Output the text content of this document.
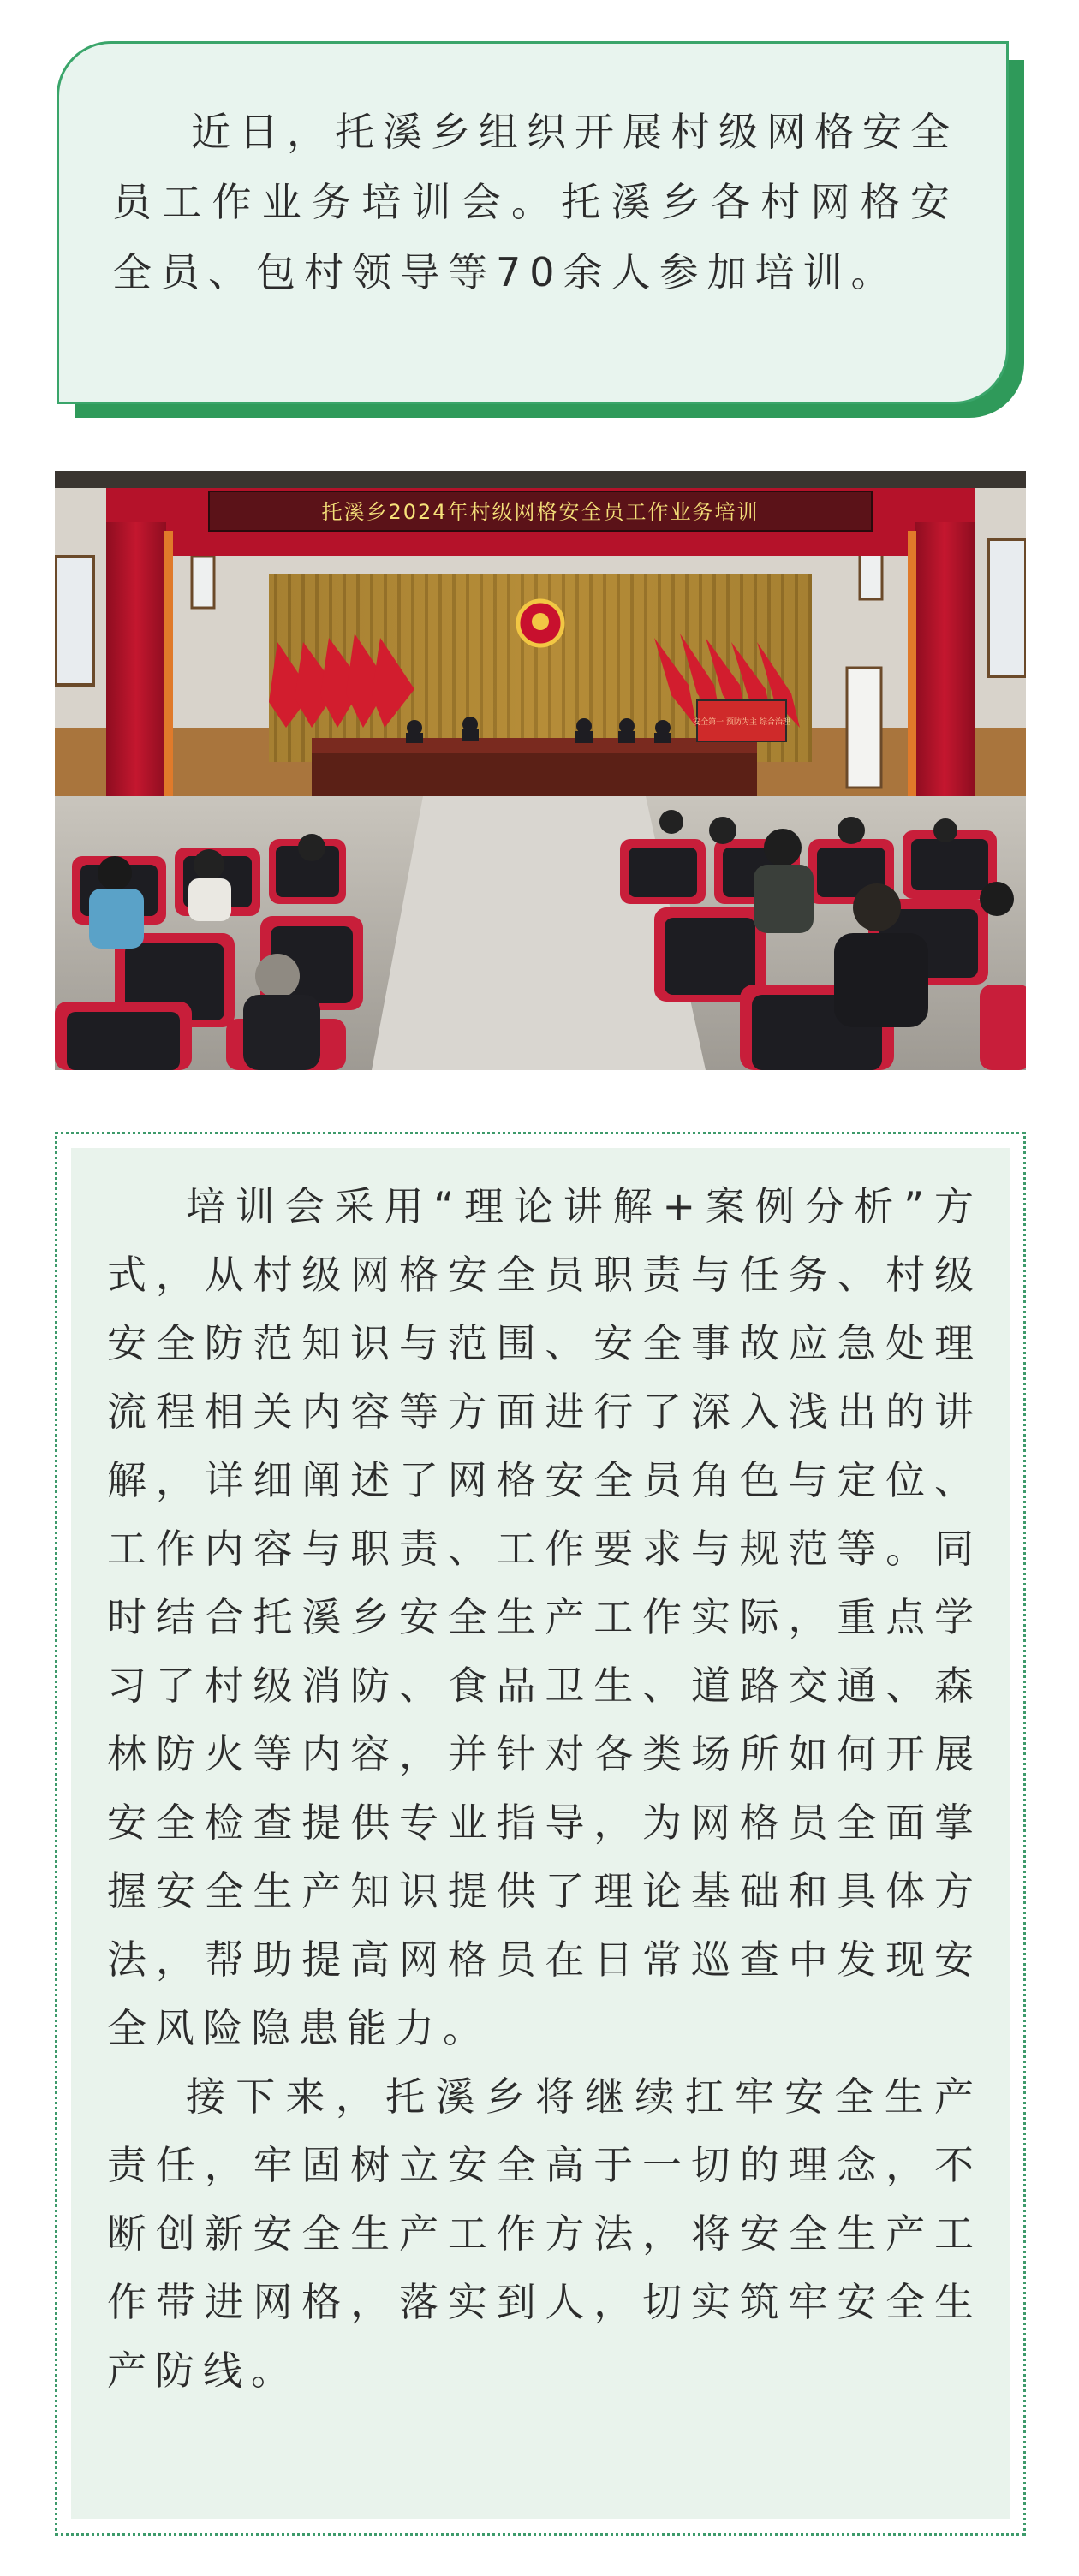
近日，托溪乡组织开展村级网格安全员工作业务培训会。托溪乡各村网格安全员、包村领导等70余人参加培训。

托溪乡2024年村级网格安全员工作业务培训
安全第一 预防为主 综合治理

培训会采用“理论讲解+案例分析”方式，从村级网格安全员职责与任务、村级安全防范知识与范围、安全事故应急处理流程相关内容等方面进行了深入浅出的讲解，详细阐述了网格安全员角色与定位、工作内容与职责、工作要求与规范等。同时结合托溪乡安全生产工作实际，重点学习了村级消防、食品卫生、道路交通、森林防火等内容，并针对各类场所如何开展安全检查提供专业指导，为网格员全面掌握安全生产知识提供了理论基础和具体方法，帮助提高网格员在日常巡查中发现安全风险隐患能力。

接下来，托溪乡将继续扛牢安全生产责任，牢固树立安全高于一切的理念，不断创新安全生产工作方法，将安全生产工作带进网格，落实到人，切实筑牢安全生产防线。
